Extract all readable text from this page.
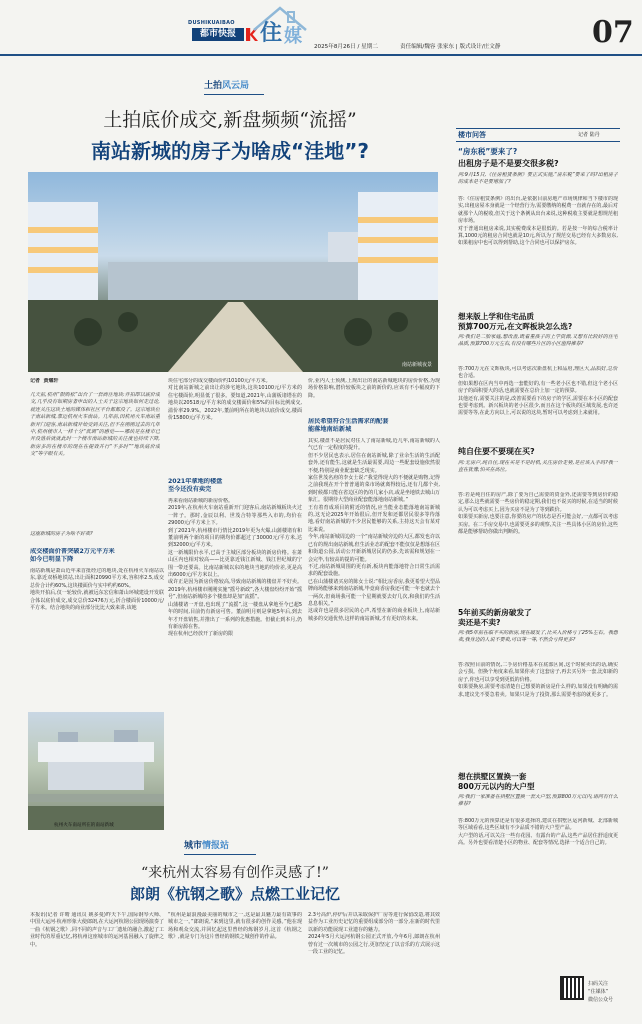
DUSHIKUAIBAO
都市快报	住 媒 2025年8月26日 / 星期二	责任编辑/魏容 张家东 | 版式设计/庄文静	07
土拍风云局
土拍底价成交,新盘频频“流摇”
南站新城的房子为啥成“洼地”?
南站新城夜景
记者  黄燿轩
几天前,杭州“限购松”出台了一套商住地块:开拍即以底价成交,几乎没有如期房者申出的人士关于这宗地块如何走过论,就连关注这块土地的媒体和社区平台都都没了。这宗地块位于南站新城,靠近杭州火车南站。几年前,因杭州火车南站重新开门迎客,南站新城开始受到关注,但不在刚刚过去的几年中,杭州楼市人一样十分“低调”的感觉——哪块是在楼市已开没落后就就此时一个楼市南站新城的关注度也持续下降,新房多的在楼市的现在在提效并行“不多时”“地块底价成交”等字眼有关。
这座新城的房子为啥不好卖?
成交楼面价普突破2万元平方米
如今已明显下降
南站新城是萧山近年来首批经过的地块,处在杭州火车南站以东,靠近双桥地铁站,出让面积20990平方米,容积率2.5,成交总价合计约60%,这块楼面价与实中约约60%。
地块开拍后,仅一轮较价,就被远东宏信和萧山环城建设开发联合体以底价成交,成交总价32476万元,折合楼面价10000元/平方米。结合地块的商业部分比比大致来讲,该地
杭州火车南站所在的南站新城
块住宅部分的成交楼面价约10100元/平方米。
对比南站新城之前出让的涉宅地块,这块10100元/平方米的住宅楼面价,明显低了很多。要知道,2021年,山蒲板诸塔在的地块以20518元/平方米的成交楼面价和5%的目标比例成交,溢价率29.9%。2022年,董前明所在的地块以底价成交,楼面价15800元/平方米。
2021年拿地的楼盘
至今还没有卖完
再来看南站新城的新房价格。
2019年,在杭州火车南站重新开门迎客后,南站新城板块火过一阵子。那时,金辰以利、世茂合特等那些入市的,均价在29000元/平方米上下。
到了2021年,杭州楼市行情比2019年更为火爆,山蒲楼诸有和董前明两个新的项目的期均价都超过了30000元/平方米,达到32000元/平方米。
这一新城限价水平,已高于主城区部分板块的新房价格。在萧山区内也相对较高——比更靠近钱江新城、钱江世纪城的宁围一带还要高。比南站新城以东的地块当地的均价差,更是高出6000元/平方米以上。
或许正是因为新房价格较高,导致南站新城的楼盘并不好卖。2019年,杭州楼市刚刚实施“摇号新政”,各大楼盘纷纷开始“摇号”,但南站新城的多个楼盘却是加“流摇”。
山蒲楼诸一开盘,也出现了“流摇”,这一楼盘从拿地至今已超5年的时间,目前仍有新房可售。董前明月则是拿地5年后,到去年才开盘销售,并推出了一系列的优惠措施。但截止到本月,仍有新房源在售。
现在杭州已经放开了新房的限
价,业内人士预测,上规出让的南站新城地块的房价价格,为现场价格影响,潜价较板块之前的新价的,应该有不小幅度的下降。
居民希望符合生活需求的配套
能落地南站新城
其实,楼盘不是居民对住人了南站新城,近几年,南站新城的人气已有一定程度的提升。
但不少居民也表示,居住在南站新城,除了业余生活的生活配套外,还有能生,这就是生活最需要,周边一些配套设施依然很不便,特别是商业配套缺乏现实。
家住世茂名府的李女士说:“我觉得现大的不便就是购物,记得之前我现在开个普普通的菜市场就离得较远,还有几都个卖,到时候都只能在省边区的仍的几家小店,或是坐地铁去城山万象汇。很期待大型商业配套能落地南站新城。”
王有着育成项目的附近的情况,应当能业态能落地南站新城的,这无论2025年开始很后,但开发和还都居民很多等待落地,看好南站新城的不少居民能够的关系,主持这天会有某对比来说。
今年,南站新城周边的一个“南站新城旁边的大区,都发也许以已有的规出南站新城,但生活业态的配套不能仅仅是想落在区和街道公园,活动公开新新城居民的仍多,先该需和规划在一会完毕,有较高的提的可能。
不过,南站新城周围的更有新,板块内能落地符合日常生活需求的配套设施。
已在山蒲楼诸买房的陈女士说:“相比房香房,我更希望大型品牌商场能够来到南站新城,毕竟商香房我还可能一年也就去个一两次,但商场我可能一个星期就要去好几次,和我们的生活息息相关。”
这或许也是很多居民的心声,希望在新的商业板块上,南站新城多的交通优势,这样的南站新城,才有更好的未来。
楼市问答	记者 陆丹
“房东税”要来了?
出租房子是不是要交很多税?
问:9月15日,《住房租赁条例》要正式实施,“房东税”要来了吗?出租房子的成本是不是要增加了?
答:《住房租赁条例》的出台,是依据目前房地产市场规律和当下楼市的现实,出租房屋本身就是一个经营行为,需要缴纳的税费一直就存在的,最后对就那个人的税收,但关于这个条例从出台来说,这种税收主要就是想规范租房市场。
对于普通出租房来说,其实税费成本是很低的。若是按一年的综合税率计算,1000元的租房合同也就是10元,所以为了规范交易已经有大多数房东,如果租房中也可以得到帮助,这个合同也可以保护房东。
想来版上学和住宅品质
预算700万元,在文晖板块怎么选?
问:我们是二胎家庭,想改善,既看重孩子的上学资源,又想有比较好的住宅品质,预算700万元左右,有没有哪些片区的小区值得推荐?
答:700万元在文晖板块,可以考虑次新盘杭上和品府,理区大,品质好,总价也合适。
但如果想在区内当中再选一套能好的,有一些老小区也不错,但这个老小区房子的面积要大的话,也就需要在总价上加一定的预算。
其他还有,需要关注的是,改善需要看下的房子的学区,需要在本小区的配套也要考虑到。新兴板块的老小区很少,而且在这个板块的区域发展,也许还需要等等,在此方向以上,可以说的这块,暂时可以考虑到上来就用。
纯自住要不要现在买?
问:无房户,纯自住,现在买是不是时机,关注房价走势,是应该入手吗?我一直在犹豫,怕买在高位。
答:若是纯自住的房产,除了要为自己需要的资金外,还需要等到房价的稳定,那么这些就需要一些房价的稳定期,我们也不说买的时候,在适当的时候认为可以考虑买上,因为买房不是为了等到跌价。
如果要买新房,也要注意,你要的房产的状态是否可能会好,一点都可以考虑买房。在二手房交易中,也需要更多的观察,关注一些具体小区的房价,这些都是能够帮助你做出判断的。
5年前买的新房破发了
卖还是不卖?
问:我5年前在临平买的新房,现在破发了,比买入价格亏了25%左右。我想卖,我身边的人说不要卖,可以等一等,不然会亏得更多?
答:按照目前的情况,二手房价格基本在底部区间,这个时候卖出的话,确实会亏损。但换个角度来看,如果你卖了这套房子,再去买另外一套,比如新的房子,你也可以享受到更低的价格。
如果要换房,需要考虑清楚自己想要的新房是什么样的,如果没有明确的需求,建议先不要急着卖。如果只是为了投资,那么需要考虑的就更多了。
想在拱墅区置换一套
800万元以内的大户型
问:我们一家准备在拱墅区置换一套大户型,预算800万元以内,请问有什么推荐?
答:800万元的预算还是有很多选择的,建议在拱墅区运河新城、北部新城等区域看看,这些区域有不少品质不错的大户型产品。
大户型的话,可以关注一些有花园、有露台的产品,这些产品居住舒适度更高。另外也要看清楚小区的物业、配套等情况,选择一个适合自己的。
扫码关注
“住媒体”
微信公众号
城市情报站
“来杭州太容易有创作灵感了!”
郎朗《杭钢之歌》点燃工业记忆
本报讯(记者 许晴 通讯员 姚多曼)昨天下午,国际钢琴大师、中国大运河·杭州形象大使郎朗,在大运河杭钢公园现场演奏了一曲《杭钢之歌》,同不同的声音与工厂遗址的融合,激起了工业时代的厚重记忆,将杭州这座城市的运河基因融入了旋律之中。
“杭州是最浪漫最美丽的城市之一,这是最具魅力最有故事的城市之一。”郎朗说,“来到这里,就有很多的创作灵感。”他在现场和观众交流,并回忆起这里曾经的炼钢岁月,这首《杭钢之歌》,就是专门为这片曾经的钢铁之城创作的作品。
2.3号高炉,停炉后并以采取保护厂房等进行保留改造,将其效益作为工业历史记忆的重要组成部分的一部分,在新的时代里以新的功能展现工业遗存的魅力。
2024年5月大运河杭钢公园正式开放,今年6月,郎朗在杭州曾有过一次城市的公园之行,更加坚定了以音乐的方式展示这一段工业的记忆。
